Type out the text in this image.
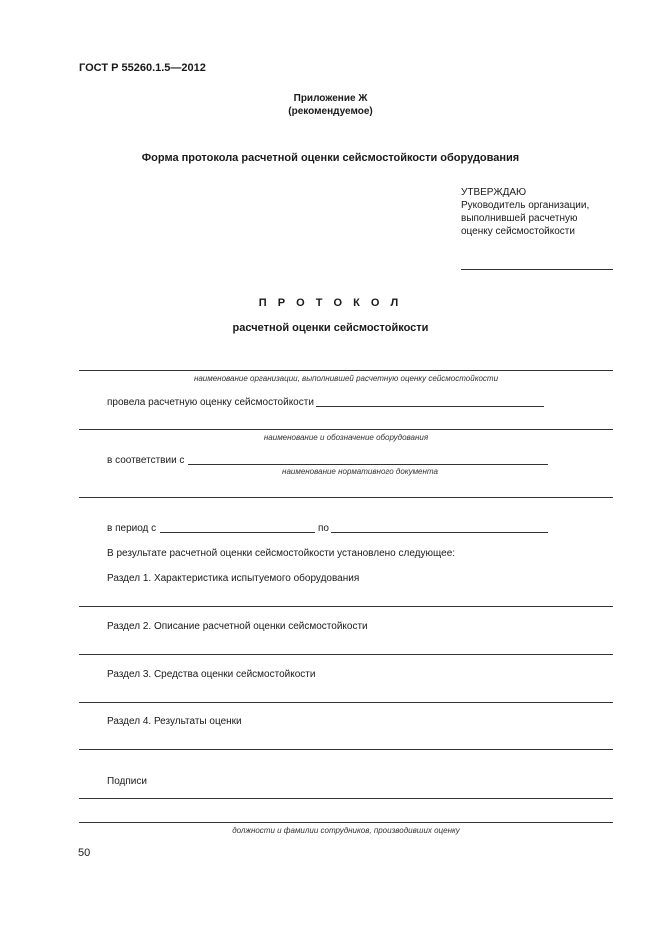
ГОСТ Р 55260.1.5—2012
Приложение Ж
(рекомендуемое)
Форма протокола расчетной оценки сейсмостойкости оборудования
УТВЕРЖДАЮ
Руководитель организации,
выполнившей расчетную
оценку сейсмостойкости
П Р О Т О К О Л
расчетной оценки сейсмостойкости
наименование организации, выполнившей расчетную оценку сейсмостойкости
провела расчетную оценку сейсмостойкости
наименование и обозначение оборудования
в соответствии с
наименование нормативного документа
в период с	по
В результате расчетной оценки сейсмостойкости установлено следующее:
Раздел 1. Характеристика испытуемого оборудования
Раздел 2. Описание расчетной оценки сейсмостойкости
Раздел 3. Средства оценки сейсмостойкости
Раздел 4. Результаты оценки
Подписи
должности и фамилии сотрудников, производивших оценку
50
